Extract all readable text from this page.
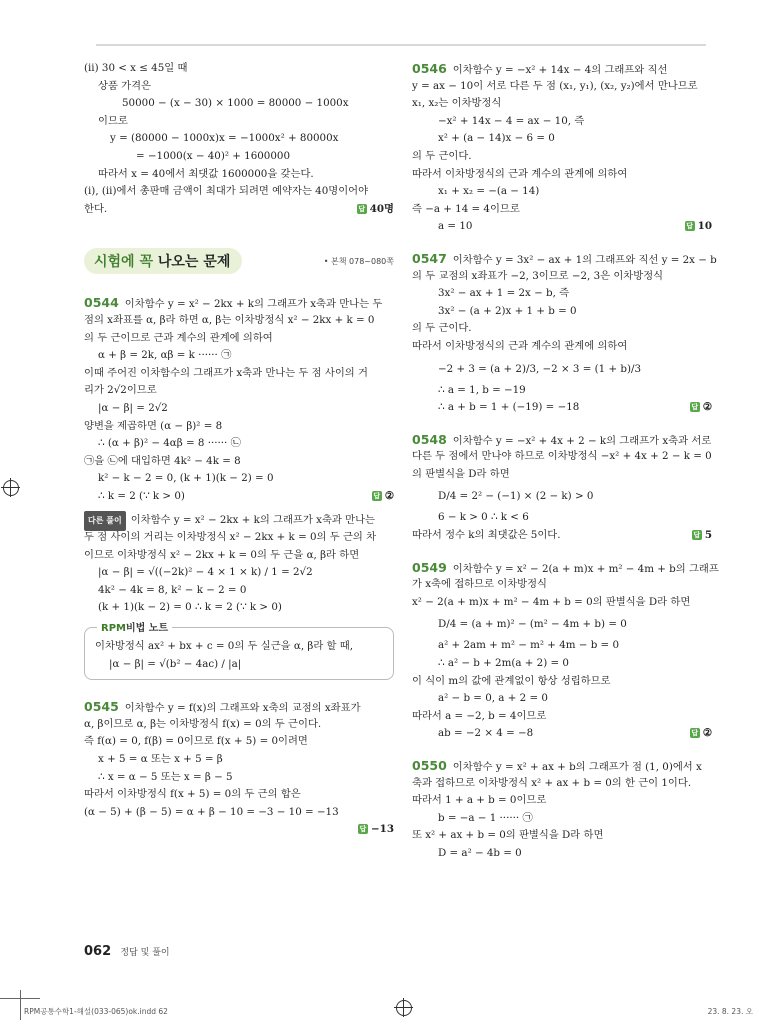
(ii) 30 < x ≤ 45일 때
상품 가격은
50000 − (x − 30) × 1000 = 80000 − 1000x
이므로
y = (80000 − 1000x)x = −1000x² + 80000x
= −1000(x − 40)² + 1600000
따라서 x = 40에서 최댓값 1600000을 갖는다.
(i), (ii)에서 총판매 금액이 최대가 되려면 예약자는 40명이어야
한다.	답 40명
시험에 꼭 나오는 문제	• 본책 078~080쪽
0544 이차함수 y = x² − 2kx + k의 그래프가 x축과 만나는 두
점의 x좌표를 α, β라 하면 α, β는 이차방정식 x² − 2kx + k = 0
의 두 근이므로 근과 계수의 관계에 의하여
α + β = 2k, αβ = k ······ ㉠
이때 주어진 이차함수의 그래프가 x축과 만나는 두 점 사이의 거
리가 2√2이므로
|α − β| = 2√2
양변을 제곱하면 (α − β)² = 8
∴ (α + β)² − 4αβ = 8 ······ ㉡
㉠을 ㉡에 대입하면 4k² − 4k = 8
k² − k − 2 = 0, (k + 1)(k − 2) = 0
∴ k = 2 (∵ k > 0)	답 ②
다른 풀이 이차함수 y = x² − 2kx + k의 그래프가 x축과 만나는
두 점 사이의 거리는 이차방정식 x² − 2kx + k = 0의 두 근의 차
이므로 이차방정식 x² − 2kx + k = 0의 두 근을 α, β라 하면
|α − β| = √((−2k)² − 4 × 1 × k) / 1 = 2√2
4k² − 4k = 8, k² − k − 2 = 0
(k + 1)(k − 2) = 0 ∴ k = 2 (∵ k > 0)
RPM비법 노트
이차방정식 ax² + bx + c = 0의 두 실근을 α, β라 할 때,
|α − β| = √(b² − 4ac) / |a|
0545 이차함수 y = f(x)의 그래프와 x축의 교점의 x좌표가
α, β이므로 α, β는 이차방정식 f(x) = 0의 두 근이다.
즉 f(α) = 0, f(β) = 0이므로 f(x + 5) = 0이려면
x + 5 = α 또는 x + 5 = β
∴ x = α − 5 또는 x = β − 5
따라서 이차방정식 f(x + 5) = 0의 두 근의 합은
(α − 5) + (β − 5) = α + β − 10 = −3 − 10 = −13
답 −13
0546 이차함수 y = −x² + 14x − 4의 그래프와 직선
y = ax − 10이 서로 다른 두 점 (x₁, y₁), (x₂, y₂)에서 만나므로
x₁, x₂는 이차방정식
−x² + 14x − 4 = ax − 10, 즉
x² + (a − 14)x − 6 = 0
의 두 근이다.
따라서 이차방정식의 근과 계수의 관계에 의하여
x₁ + x₂ = −(a − 14)
즉 −a + 14 = 4이므로
a = 10	답 10
0547 이차함수 y = 3x² − ax + 1의 그래프와 직선 y = 2x − b
의 두 교점의 x좌표가 −2, 3이므로 −2, 3은 이차방정식
3x² − ax + 1 = 2x − b, 즉
3x² − (a + 2)x + 1 + b = 0
의 두 근이다.
따라서 이차방정식의 근과 계수의 관계에 의하여
−2 + 3 = (a + 2)/3, −2 × 3 = (1 + b)/3
∴ a = 1, b = −19
∴ a + b = 1 + (−19) = −18	답 ②
0548 이차함수 y = −x² + 4x + 2 − k의 그래프가 x축과 서로
다른 두 점에서 만나야 하므로 이차방정식 −x² + 4x + 2 − k = 0
의 판별식을 D라 하면
D/4 = 2² − (−1) × (2 − k) > 0
6 − k > 0 ∴ k < 6
따라서 정수 k의 최댓값은 5이다.	답 5
0549 이차함수 y = x² − 2(a + m)x + m² − 4m + b의 그래프
가 x축에 접하므로 이차방정식
x² − 2(a + m)x + m² − 4m + b = 0의 판별식을 D라 하면
D/4 = (a + m)² − (m² − 4m + b) = 0
a² + 2am + m² − m² + 4m − b = 0
∴ a² − b + 2m(a + 2) = 0
이 식이 m의 값에 관계없이 항상 성립하므로
a² − b = 0, a + 2 = 0
따라서 a = −2, b = 4이므로
ab = −2 × 4 = −8	답 ②
0550 이차함수 y = x² + ax + b의 그래프가 점 (1, 0)에서 x
축과 접하므로 이차방정식 x² + ax + b = 0의 한 근이 1이다.
따라서 1 + a + b = 0이므로
b = −a − 1 ······ ㉠
또 x² + ax + b = 0의 판별식을 D라 하면
D = a² − 4b = 0
062 정답 및 풀이
RPM공통수학1-해설(033-065)ok.indd 62	23. 8. 23. 오
